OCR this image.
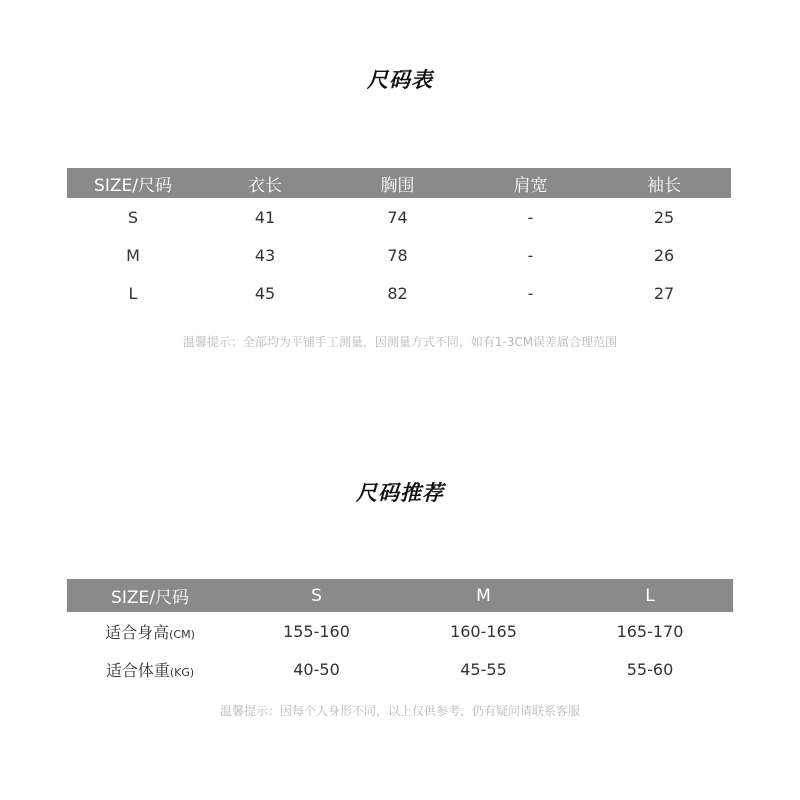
尺码表
SIZE/尺码	衣长	胸围	肩宽	袖长
S	41	74	-	25
M	43	78	-	26
L	45	82	-	27
温馨提示：全部均为平铺手工测量，因测量方式不同，如有1-3CM误差属合理范围
尺码推荐
SIZE/尺码	S	M	L
适合身高(CM)	155-160	160-165	165-170
适合体重(KG)	40-50	45-55	55-60
温馨提示：因每个人身形不同，以上仅供参考，仍有疑问请联系客服
